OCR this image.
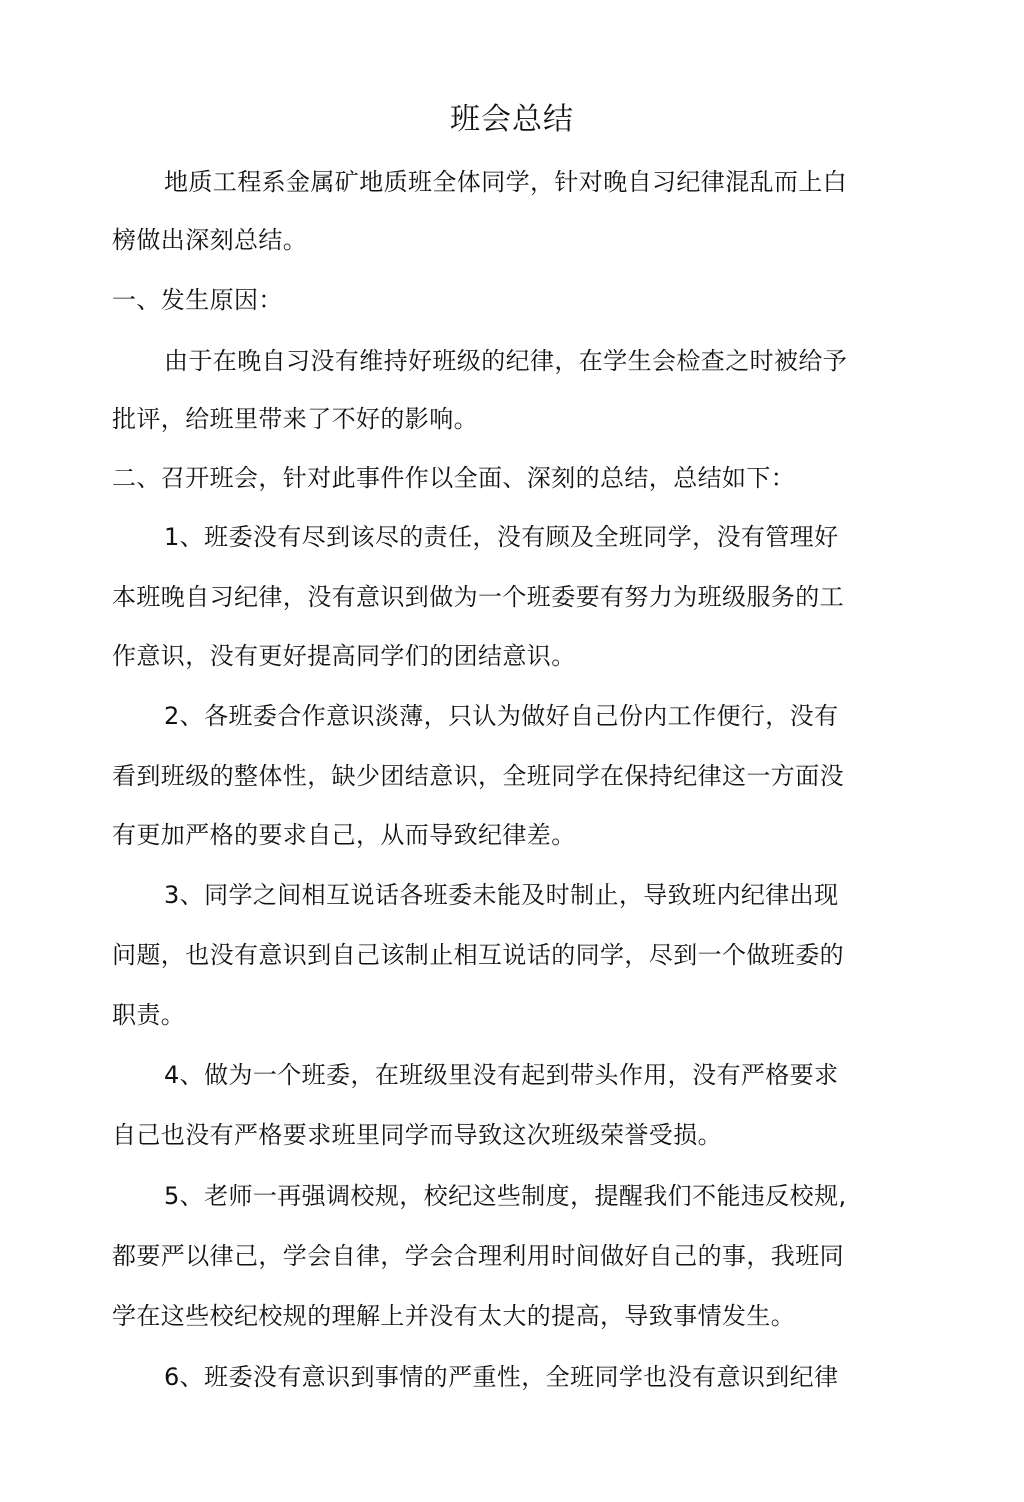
班会总结
地质工程系金属矿地质班全体同学，针对晚自习纪律混乱而上白
榜做出深刻总结。
一、发生原因：
由于在晚自习没有维持好班级的纪律，在学生会检查之时被给予
批评，给班里带来了不好的影响。
二、召开班会，针对此事件作以全面、深刻的总结，总结如下：
1、班委没有尽到该尽的责任，没有顾及全班同学，没有管理好
本班晚自习纪律，没有意识到做为一个班委要有努力为班级服务的工
作意识，没有更好提高同学们的团结意识。
2、各班委合作意识淡薄，只认为做好自己份内工作便行，没有
看到班级的整体性，缺少团结意识，全班同学在保持纪律这一方面没
有更加严格的要求自己，从而导致纪律差。
3、同学之间相互说话各班委未能及时制止，导致班内纪律出现
问题，也没有意识到自己该制止相互说话的同学，尽到一个做班委的
职责。
4、做为一个班委，在班级里没有起到带头作用，没有严格要求
自己也没有严格要求班里同学而导致这次班级荣誉受损。
5、老师一再强调校规，校纪这些制度，提醒我们不能违反校规,
都要严以律己，学会自律，学会合理利用时间做好自己的事，我班同
学在这些校纪校规的理解上并没有太大的提高，导致事情发生。
6、班委没有意识到事情的严重性，全班同学也没有意识到纪律
